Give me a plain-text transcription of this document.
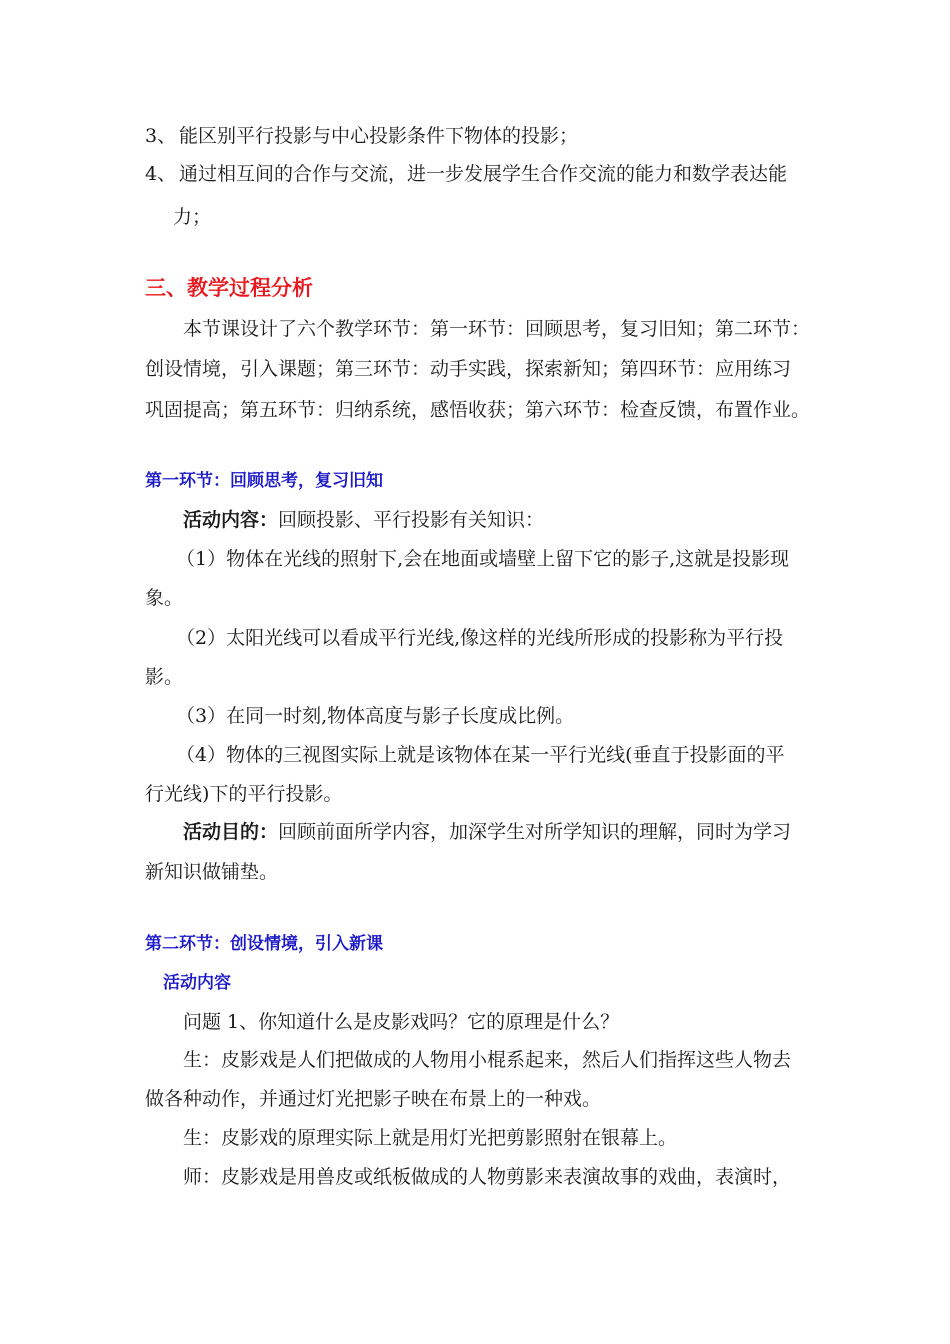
3、 能区别平行投影与中心投影条件下物体的投影；
4、 通过相互间的合作与交流，进一步发展学生合作交流的能力和数学表达能
力；
三、教学过程分析
本节课设计了六个教学环节：第一环节：回顾思考，复习旧知；第二环节：
创设情境，引入课题；第三环节：动手实践，探索新知；第四环节：应用练习
巩固提高；第五环节：归纳系统，感悟收获；第六环节：检查反馈，布置作业。
第一环节：回顾思考，复习旧知
活动内容：回顾投影、平行投影有关知识：
（1）物体在光线的照射下,会在地面或墙壁上留下它的影子,这就是投影现
象。
（2）太阳光线可以看成平行光线,像这样的光线所形成的投影称为平行投
影。
（3）在同一时刻,物体高度与影子长度成比例。
（4）物体的三视图实际上就是该物体在某一平行光线(垂直于投影面的平
行光线)下的平行投影。
活动目的：回顾前面所学内容，加深学生对所学知识的理解，同时为学习
新知识做铺垫。
第二环节：创设情境，引入新课
活动内容
问题 1、你知道什么是皮影戏吗？它的原理是什么？
生：皮影戏是人们把做成的人物用小棍系起来，然后人们指挥这些人物去
做各种动作，并通过灯光把影子映在布景上的一种戏。
生：皮影戏的原理实际上就是用灯光把剪影照射在银幕上。
师：皮影戏是用兽皮或纸板做成的人物剪影来表演故事的戏曲，表演时，
